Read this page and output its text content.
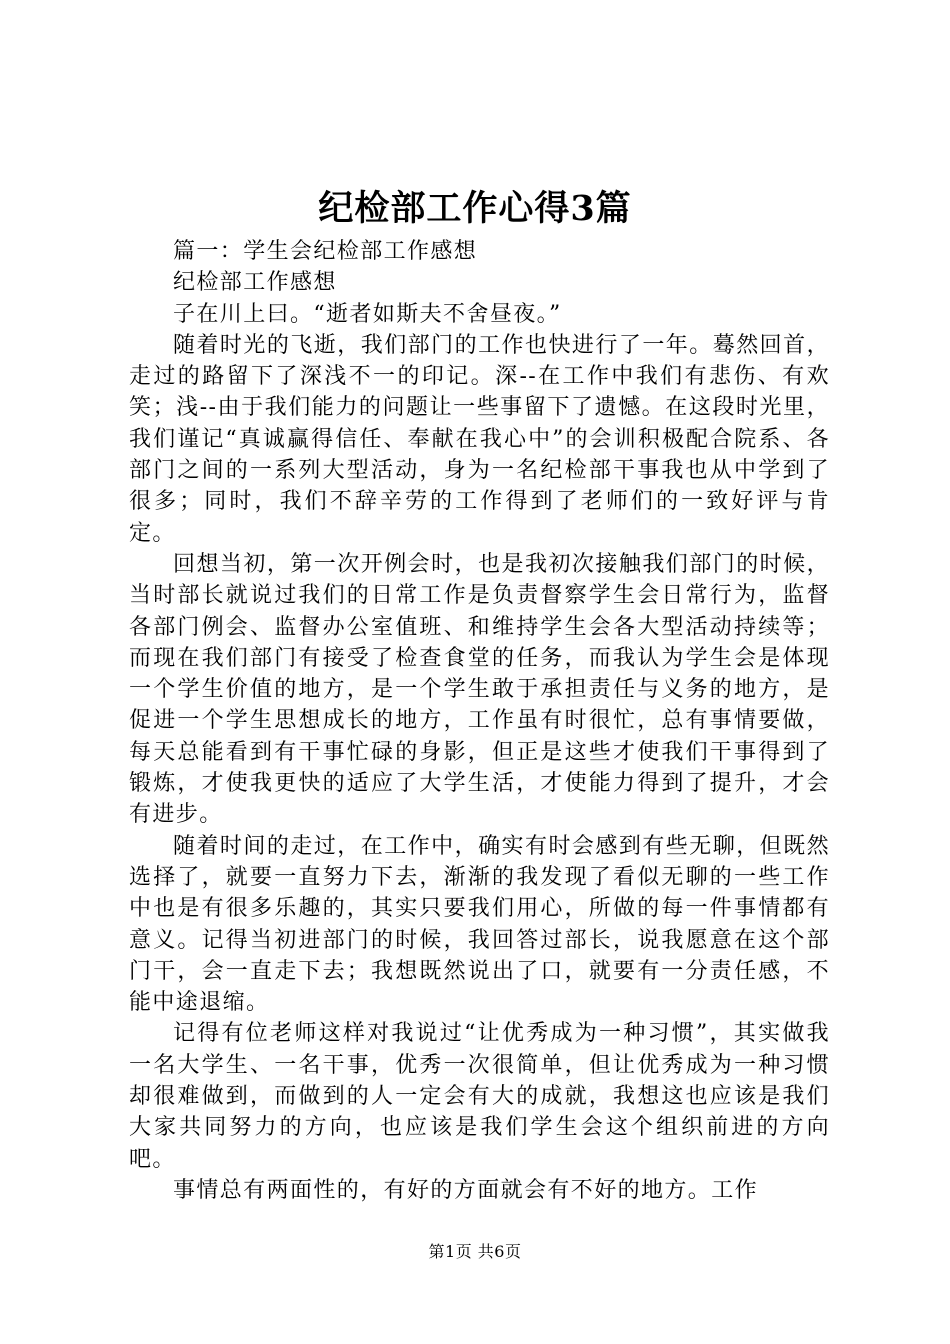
纪检部工作心得3篇

篇一：学生会纪检部工作感想

纪检部工作感想

子在川上曰。“逝者如斯夫不舍昼夜。”

随着时光的飞逝，我们部门的工作也快进行了一年。蓦然回首，走过的路留下了深浅不一的印记。深--在工作中我们有悲伤、有欢笑；浅--由于我们能力的问题让一些事留下了遗憾。在这段时光里，我们谨记“真诚赢得信任、奉献在我心中”的会训积极配合院系、各部门之间的一系列大型活动，身为一名纪检部干事我也从中学到了很多；同时，我们不辞辛劳的工作得到了老师们的一致好评与肯定。

回想当初，第一次开例会时，也是我初次接触我们部门的时候，当时部长就说过我们的日常工作是负责督察学生会日常行为，监督各部门例会、监督办公室值班、和维持学生会各大型活动持续等；而现在我们部门有接受了检查食堂的任务，而我认为学生会是体现一个学生价值的地方，是一个学生敢于承担责任与义务的地方，是促进一个学生思想成长的地方，工作虽有时很忙，总有事情要做，每天总能看到有干事忙碌的身影，但正是这些才使我们干事得到了锻炼，才使我更快的适应了大学生活，才使能力得到了提升，才会有进步。

随着时间的走过，在工作中，确实有时会感到有些无聊，但既然选择了，就要一直努力下去，渐渐的我发现了看似无聊的一些工作中也是有很多乐趣的，其实只要我们用心，所做的每一件事情都有意义。记得当初进部门的时候，我回答过部长，说我愿意在这个部门干，会一直走下去；我想既然说出了口，就要有一分责任感，不能中途退缩。

记得有位老师这样对我说过“让优秀成为一种习惯”，其实做我一名大学生、一名干事，优秀一次很简单，但让优秀成为一种习惯却很难做到，而做到的人一定会有大的成就，我想这也应该是我们大家共同努力的方向，也应该是我们学生会这个组织前进的方向吧。

事情总有两面性的，有好的方面就会有不好的地方。工作

第1页 共6页
